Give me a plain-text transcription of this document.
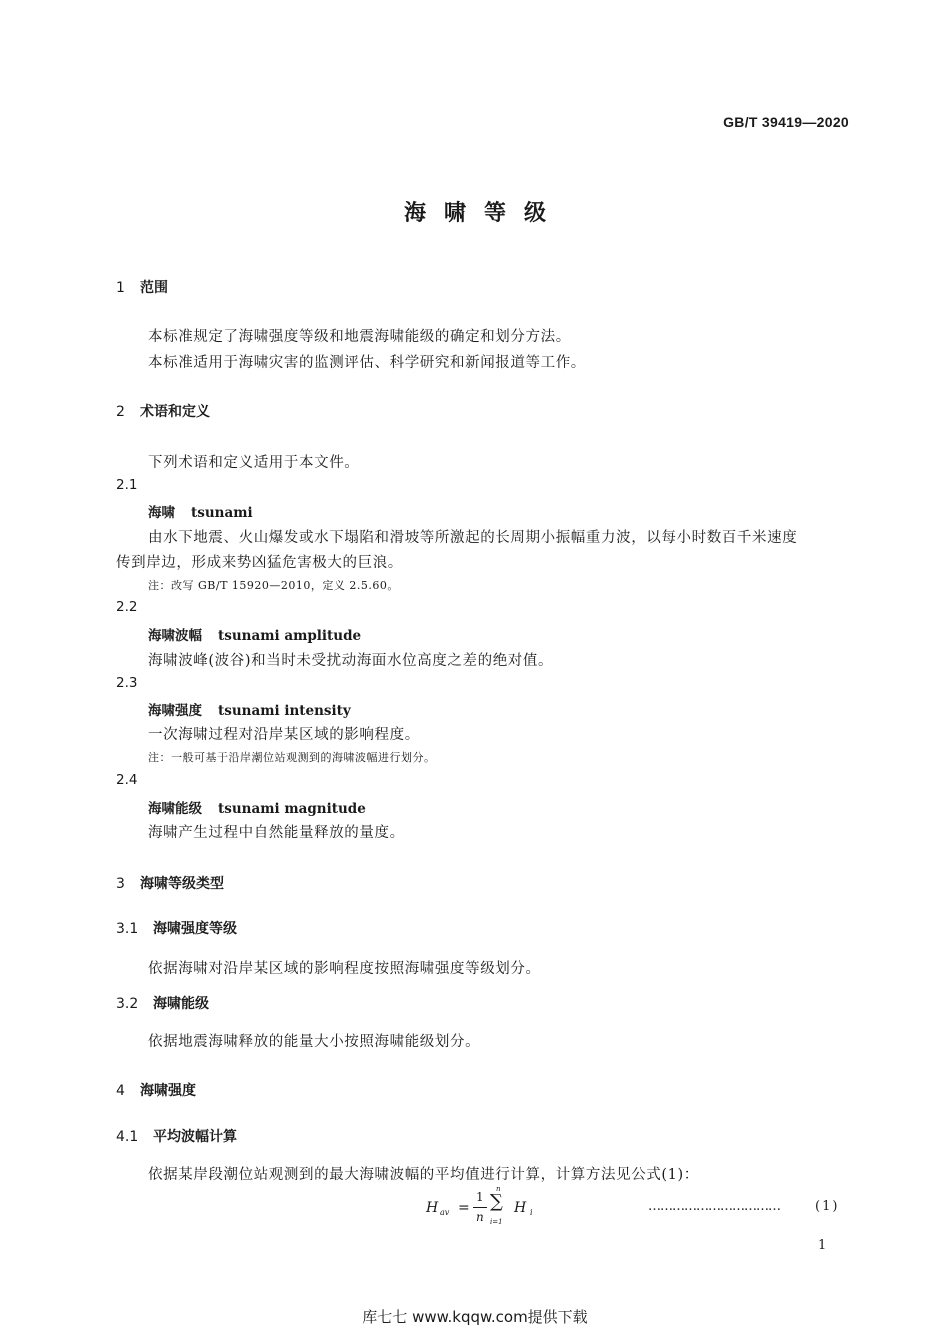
GB/T 39419—2020
海啸等级
1 范围
本标准规定了海啸强度等级和地震海啸能级的确定和划分方法。
本标准适用于海啸灾害的监测评估、科学研究和新闻报道等工作。
2 术语和定义
下列术语和定义适用于本文件。
2.1
海啸 tsunami
由水下地震、火山爆发或水下塌陷和滑坡等所激起的长周期小振幅重力波，以每小时数百千米速度
传到岸边，形成来势凶猛危害极大的巨浪。
注：改写 GB/T 15920—2010，定义 2.5.60。
2.2
海啸波幅 tsunami amplitude
海啸波峰(波谷)和当时未受扰动海面水位高度之差的绝对值。
2.3
海啸强度 tsunami intensity
一次海啸过程对沿岸某区域的影响程度。
注：一般可基于沿岸潮位站观测到的海啸波幅进行划分。
2.4
海啸能级 tsunami magnitude
海啸产生过程中自然能量释放的量度。
3 海啸等级类型
3.1 海啸强度等级
依据海啸对沿岸某区域的影响程度按照海啸强度等级划分。
3.2 海啸能级
依据地震海啸释放的能量大小按照海啸能级划分。
4 海啸强度
4.1 平均波幅计算
依据某岸段潮位站观测到的最大海啸波幅的平均值进行计算，计算方法见公式(1)：
H av =
1
n
n
∑
i=1
H i	……………………………	(1)
1
库七七 www.kqqw.com提供下载
